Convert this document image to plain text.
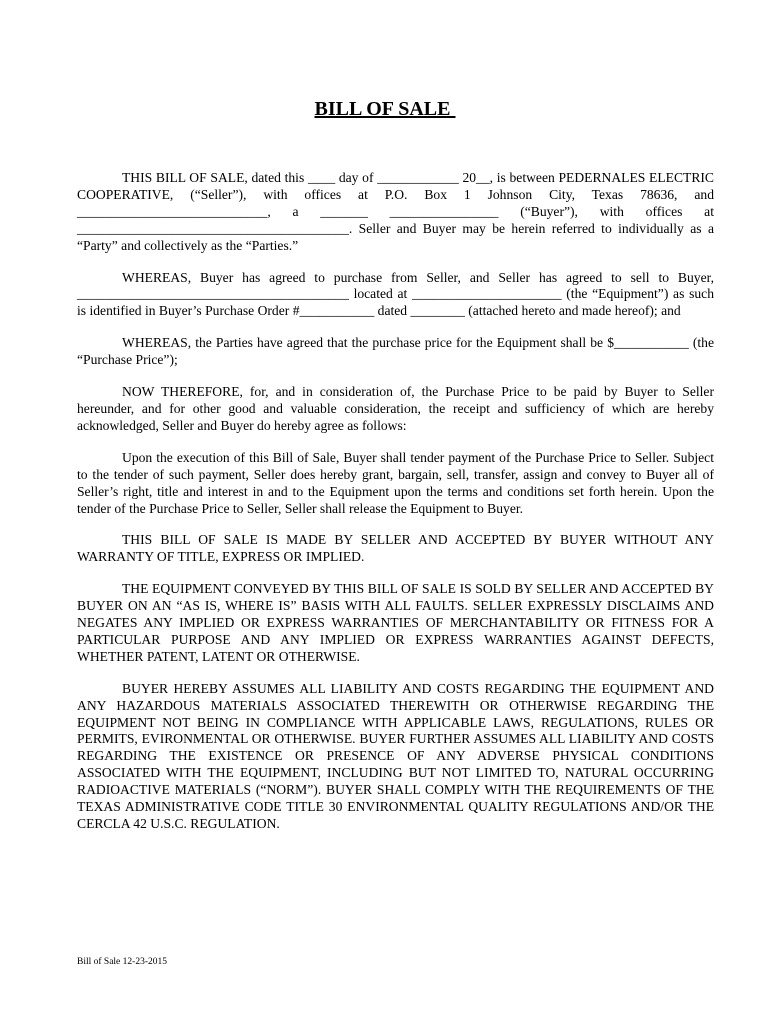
BILL OF SALE

THIS BILL OF SALE, dated this ____ day of ____________ 20__, is between PEDERNALES ELECTRIC COOPERATIVE, (“Seller”), with offices at P.O. Box 1 Johnson City, Texas 78636, and ____________________________, a _______ ________________ (“Buyer”), with offices at ________________________________________. Seller and Buyer may be herein referred to individually as a “Party” and collectively as the “Parties.”

WHEREAS, Buyer has agreed to purchase from Seller, and Seller has agreed to sell to Buyer, ________________________________________ located at ______________________ (the “Equipment”) as such is identified in Buyer’s Purchase Order #___________ dated ________ (attached hereto and made hereof); and

WHEREAS, the Parties have agreed that the purchase price for the Equipment shall be $___________ (the “Purchase Price”);

NOW THEREFORE, for, and in consideration of, the Purchase Price to be paid by Buyer to Seller hereunder, and for other good and valuable consideration, the receipt and sufficiency of which are hereby acknowledged, Seller and Buyer do hereby agree as follows:

Upon the execution of this Bill of Sale, Buyer shall tender payment of the Purchase Price to Seller. Subject to the tender of such payment, Seller does hereby grant, bargain, sell, transfer, assign and convey to Buyer all of Seller’s right, title and interest in and to the Equipment upon the terms and conditions set forth herein. Upon the tender of the Purchase Price to Seller, Seller shall release the Equipment to Buyer.

THIS BILL OF SALE IS MADE BY SELLER AND ACCEPTED BY BUYER WITHOUT ANY WARRANTY OF TITLE, EXPRESS OR IMPLIED.

THE EQUIPMENT CONVEYED BY THIS BILL OF SALE IS SOLD BY SELLER AND ACCEPTED BY BUYER ON AN “AS IS, WHERE IS” BASIS WITH ALL FAULTS. SELLER EXPRESSLY DISCLAIMS AND NEGATES ANY IMPLIED OR EXPRESS WARRANTIES OF MERCHANTABILITY OR FITNESS FOR A PARTICULAR PURPOSE AND ANY IMPLIED OR EXPRESS WARRANTIES AGAINST DEFECTS, WHETHER PATENT, LATENT OR OTHERWISE.

BUYER HEREBY ASSUMES ALL LIABILITY AND COSTS REGARDING THE EQUIPMENT AND ANY HAZARDOUS MATERIALS ASSOCIATED THEREWITH OR OTHERWISE REGARDING THE EQUIPMENT NOT BEING IN COMPLIANCE WITH APPLICABLE LAWS, REGULATIONS, RULES OR PERMITS, EVIRONMENTAL OR OTHERWISE. BUYER FURTHER ASSUMES ALL LIABILITY AND COSTS REGARDING THE EXISTENCE OR PRESENCE OF ANY ADVERSE PHYSICAL CONDITIONS ASSOCIATED WITH THE EQUIPMENT, INCLUDING BUT NOT LIMITED TO, NATURAL OCCURRING RADIOACTIVE MATERIALS (“NORM”). BUYER SHALL COMPLY WITH THE REQUIREMENTS OF THE TEXAS ADMINISTRATIVE CODE TITLE 30 ENVIRONMENTAL QUALITY REGULATIONS AND/OR THE CERCLA 42 U.S.C. REGULATION.

Bill of Sale 12-23-2015
